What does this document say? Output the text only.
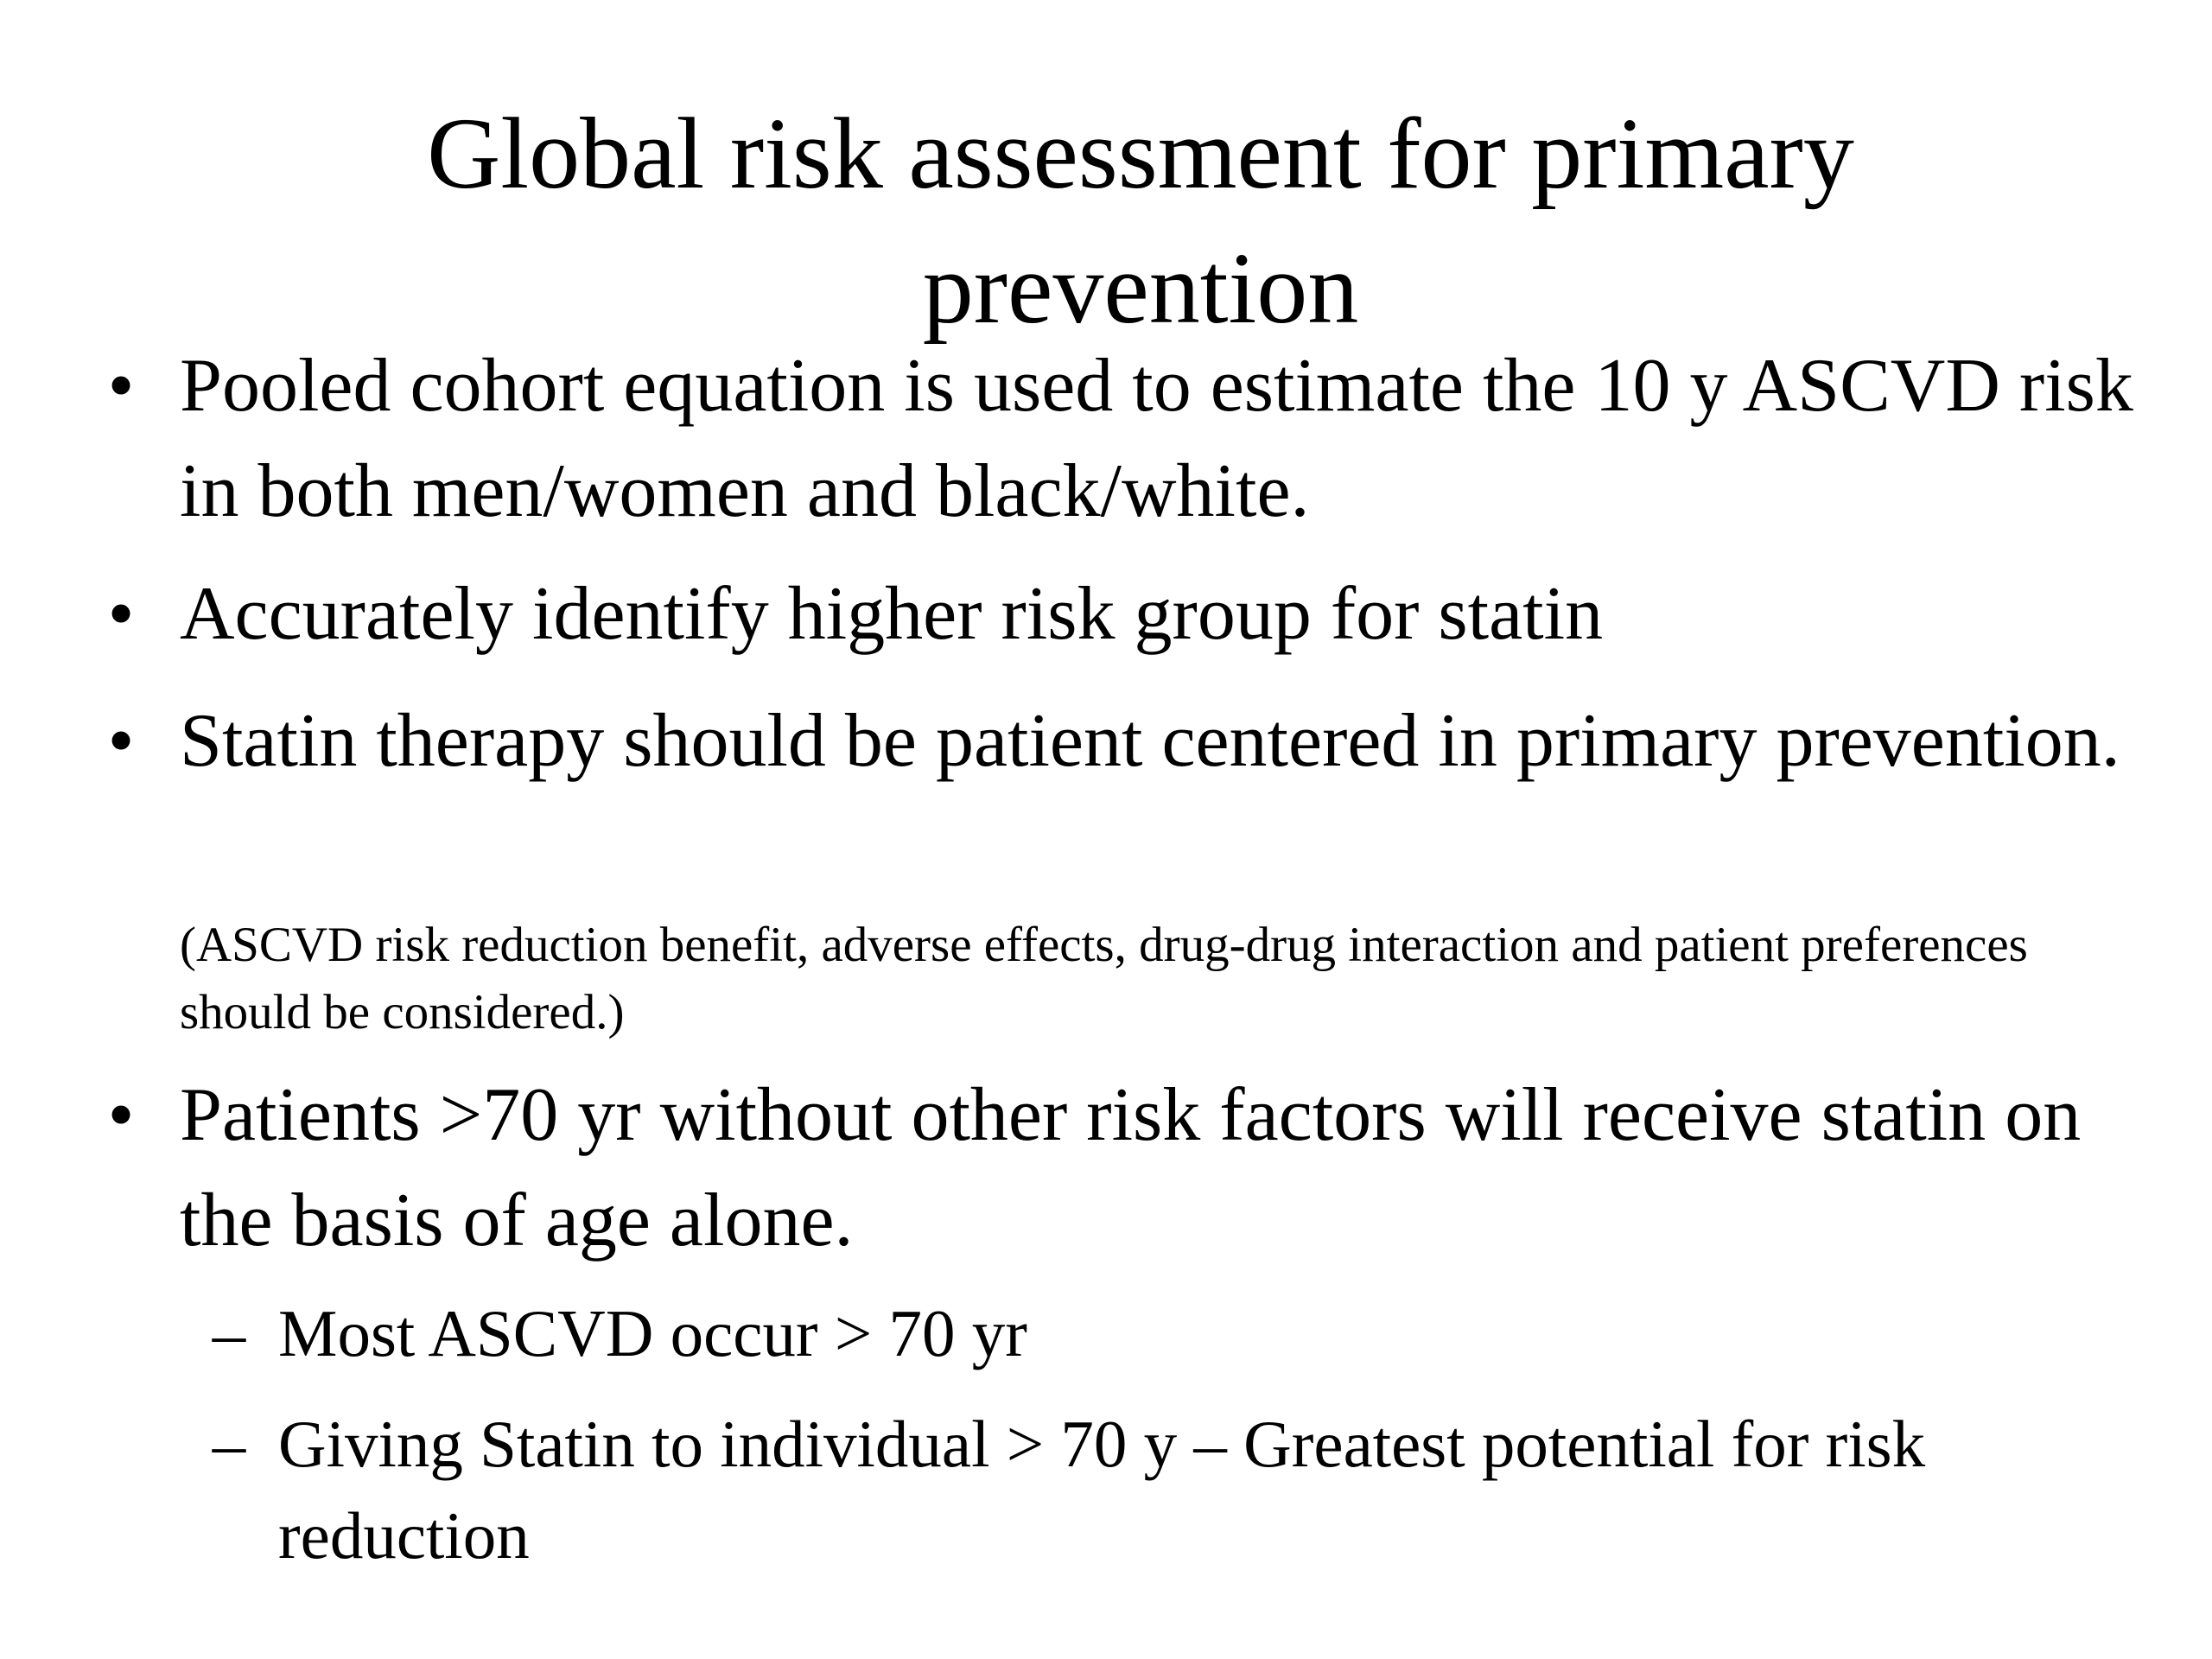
Global risk assessment for primary prevention
• Pooled cohort equation is used to estimate the 10 y ASCVD risk in both men/women and black/white.

• Accurately identify higher risk group for statin

• Statin therapy should be patient centered in primary prevention.

(ASCVD risk reduction benefit, adverse effects, drug-drug interaction and patient preferences should be considered.)

• Patients >70 yr without other risk factors will receive statin on the basis of age alone.

– Most ASCVD occur > 70 yr

– Giving Statin to individual > 70 y – Greatest potential for risk reduction
